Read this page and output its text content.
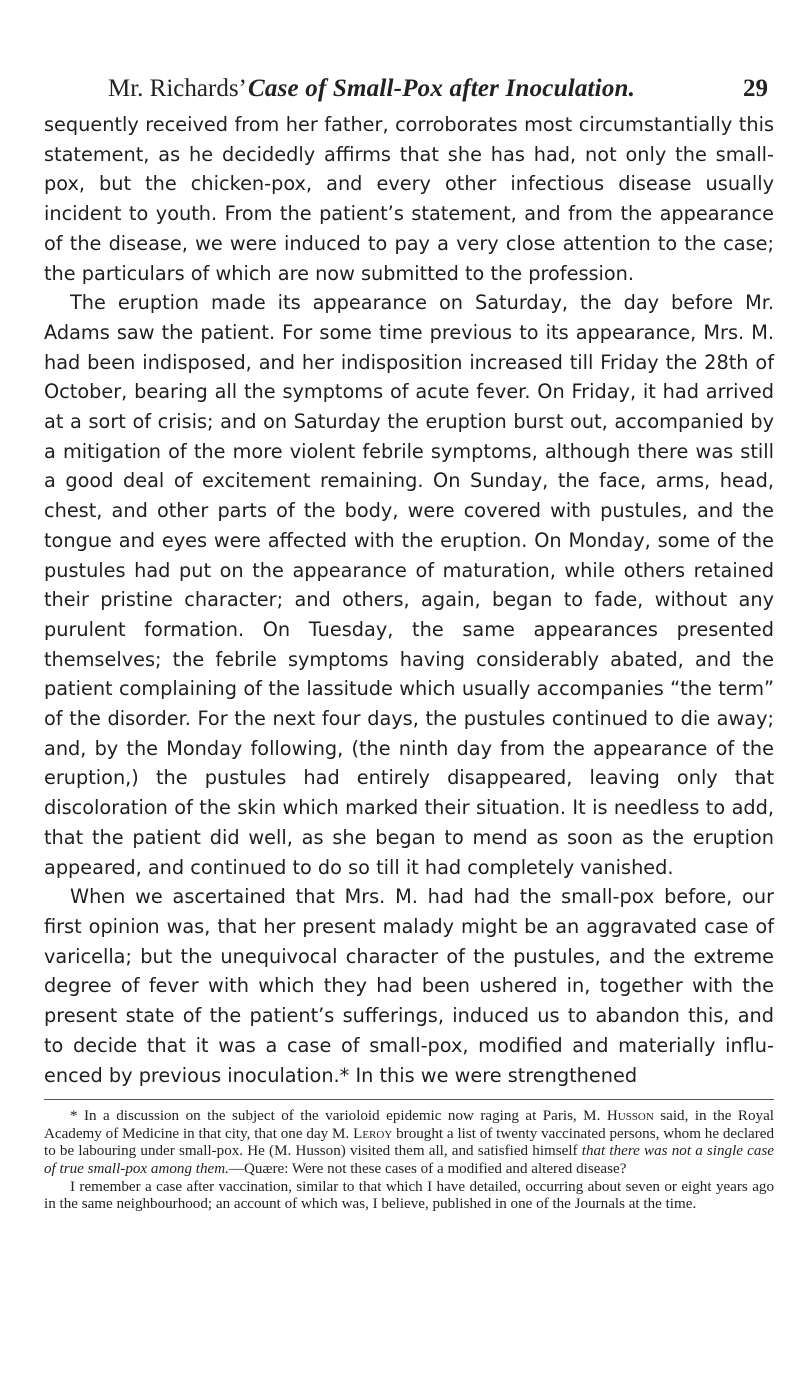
Mr. Richards’ Case of Small-Pox after Inoculation.	29

sequently received from her father, corroborates most circumstantially this statement, as he decidedly affirms that she has had, not only the small-pox, but the chicken-pox, and every other infectious disease usually incident to youth. From the patient’s statement, and from the appearance of the disease, we were induced to pay a very close attention to the case; the particulars of which are now submitted to the profession.

The eruption made its appearance on Saturday, the day before Mr. Adams saw the patient. For some time previous to its appearance, Mrs. M. had been indisposed, and her indisposition increased till Friday the 28th of October, bearing all the symptoms of acute fever. On Friday, it had arrived at a sort of crisis; and on Saturday the eruption burst out, accompanied by a mitigation of the more violent febrile symptoms, although there was still a good deal of excitement remaining. On Sunday, the face, arms, head, chest, and other parts of the body, were covered with pustules, and the tongue and eyes were affected with the eruption. On Monday, some of the pustules had put on the appearance of maturation, while others retained their pristine character; and others, again, began to fade, without any purulent formation. On Tuesday, the same appearances presented themselves; the febrile symptoms having considerably abated, and the patient complaining of the lassitude which usually accompanies “the term” of the disorder. For the next four days, the pustules continued to die away; and, by the Monday following, (the ninth day from the appearance of the eruption,) the pustules had entirely disappeared, leaving only that discoloration of the skin which marked their situation. It is needless to add, that the patient did well, as she began to mend as soon as the eruption appeared, and continued to do so till it had completely vanished.

When we ascertained that Mrs. M. had had the small-pox before, our first opinion was, that her present malady might be an aggravated case of varicella; but the unequivocal character of the pustules, and the extreme degree of fever with which they had been ushered in, together with the present state of the patient’s sufferings, induced us to abandon this, and to decide that it was a case of small-pox, modified and materially influenced by previous inoculation.* In this we were strengthened

* In a discussion on the subject of the varioloid epidemic now raging at Paris, M. Husson said, in the Royal Academy of Medicine in that city, that one day M. Leroy brought a list of twenty vaccinated persons, whom he declared to be labouring under small-pox. He (M. Husson) visited them all, and satisfied himself that there was not a single case of true small-pox among them.—Quære: Were not these cases of a modified and altered disease?

I remember a case after vaccination, similar to that which I have detailed, occurring about seven or eight years ago in the same neighbourhood; an account of which was, I believe, published in one of the Journals at the time.
